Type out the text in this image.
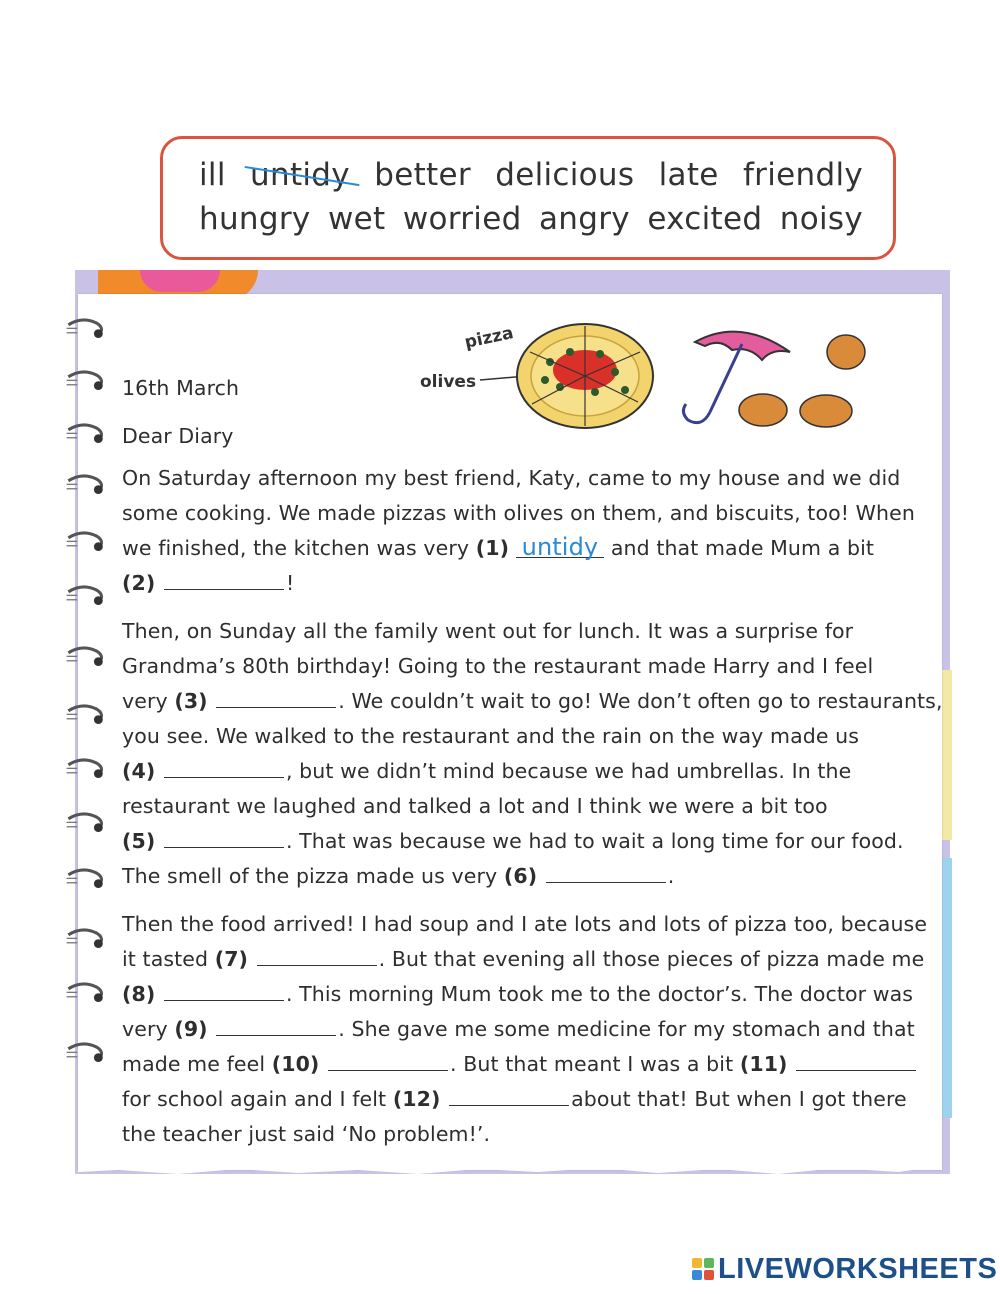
ill untidy better delicious late friendly
hungry wet worried angry excited noisy
pizza
olives
16th March
Dear Diary
On Saturday afternoon my best friend, Katy, came to my house and we did
some cooking. We made pizzas with olives on them, and biscuits, too! When
we finished, the kitchen was very (1) untidy and that made Mum a bit
(2)	!
Then, on Sunday all the family went out for lunch. It was a surprise for
Grandma’s 80th birthday! Going to the restaurant made Harry and I feel
very (3)	. We couldn’t wait to go! We don’t often go to restaurants,
you see. We walked to the restaurant and the rain on the way made us
(4)	, but we didn’t mind because we had umbrellas. In the
restaurant we laughed and talked a lot and I think we were a bit too
(5)	. That was because we had to wait a long time for our food.
The smell of the pizza made us very (6)	.
Then the food arrived! I had soup and I ate lots and lots of pizza too, because
it tasted (7)	. But that evening all those pieces of pizza made me
(8)	. This morning Mum took me to the doctor’s. The doctor was
very (9)	. She gave me some medicine for my stomach and that
made me feel (10)	. But that meant I was a bit (11)
for school again and I felt (12)	about that! But when I got there
the teacher just said ‘No problem!’.
LIVEWORKSHEETS
